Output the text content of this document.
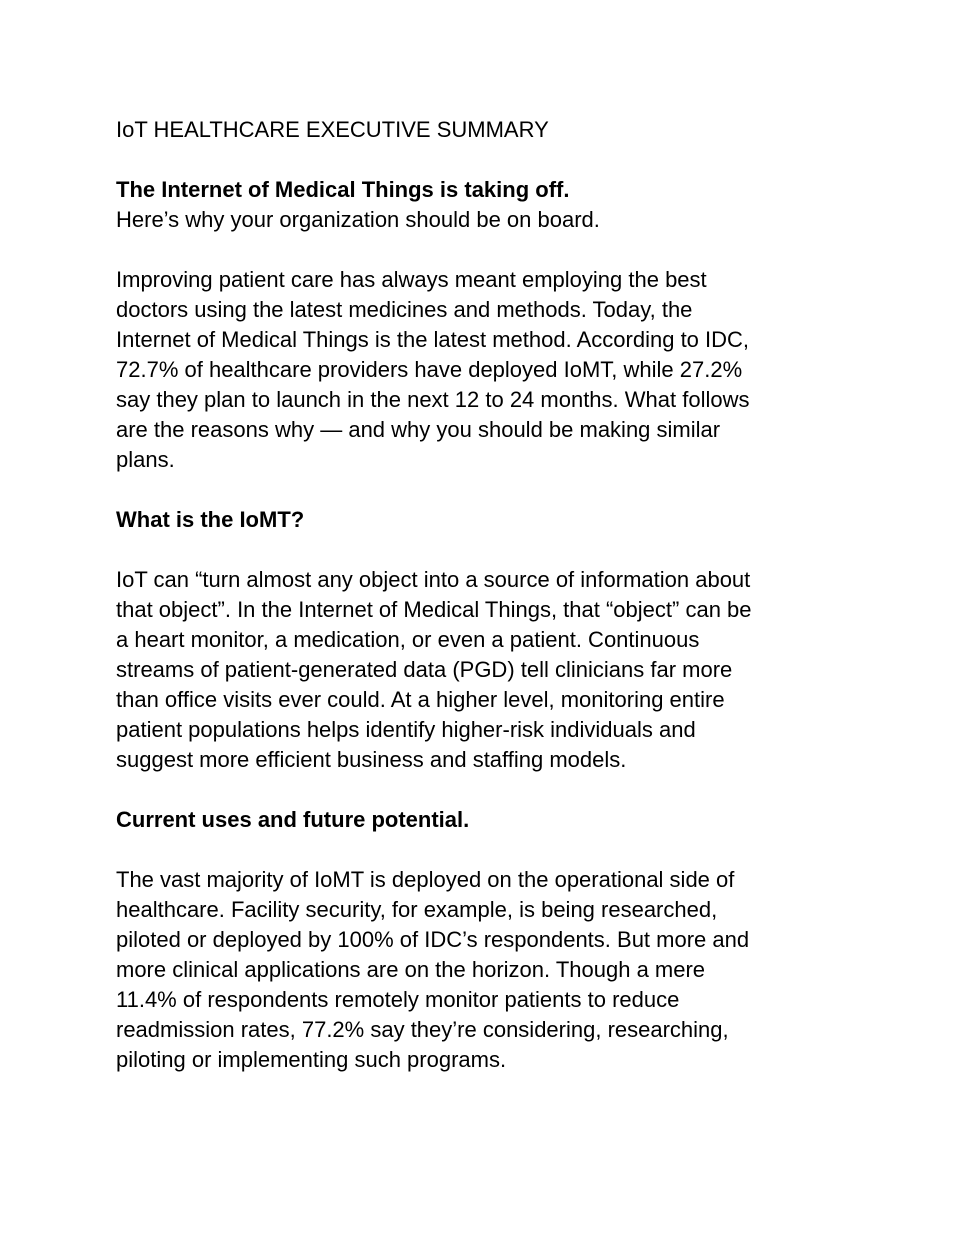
IoT HEALTHCARE EXECUTIVE SUMMARY
The Internet of Medical Things is taking off.
Here’s why your organization should be on board.
Improving patient care has always meant employing the best
doctors using the latest medicines and methods. Today, the
Internet of Medical Things is the latest method. According to IDC,
72.7% of healthcare providers have deployed IoMT, while 27.2%
say they plan to launch in the next 12 to 24 months. What follows
are the reasons why — and why you should be making similar
plans.
What is the IoMT?
IoT can “turn almost any object into a source of information about
that object”. In the Internet of Medical Things, that “object” can be
a heart monitor, a medication, or even a patient. Continuous
streams of patient-generated data (PGD) tell clinicians far more
than office visits ever could. At a higher level, monitoring entire
patient populations helps identify higher-risk individuals and
suggest more efficient business and staffing models.
Current uses and future potential.
The vast majority of IoMT is deployed on the operational side of
healthcare. Facility security, for example, is being researched,
piloted or deployed by 100% of IDC’s respondents. But more and
more clinical applications are on the horizon. Though a mere
11.4% of respondents remotely monitor patients to reduce
readmission rates, 77.2% say they’re considering, researching,
piloting or implementing such programs.
